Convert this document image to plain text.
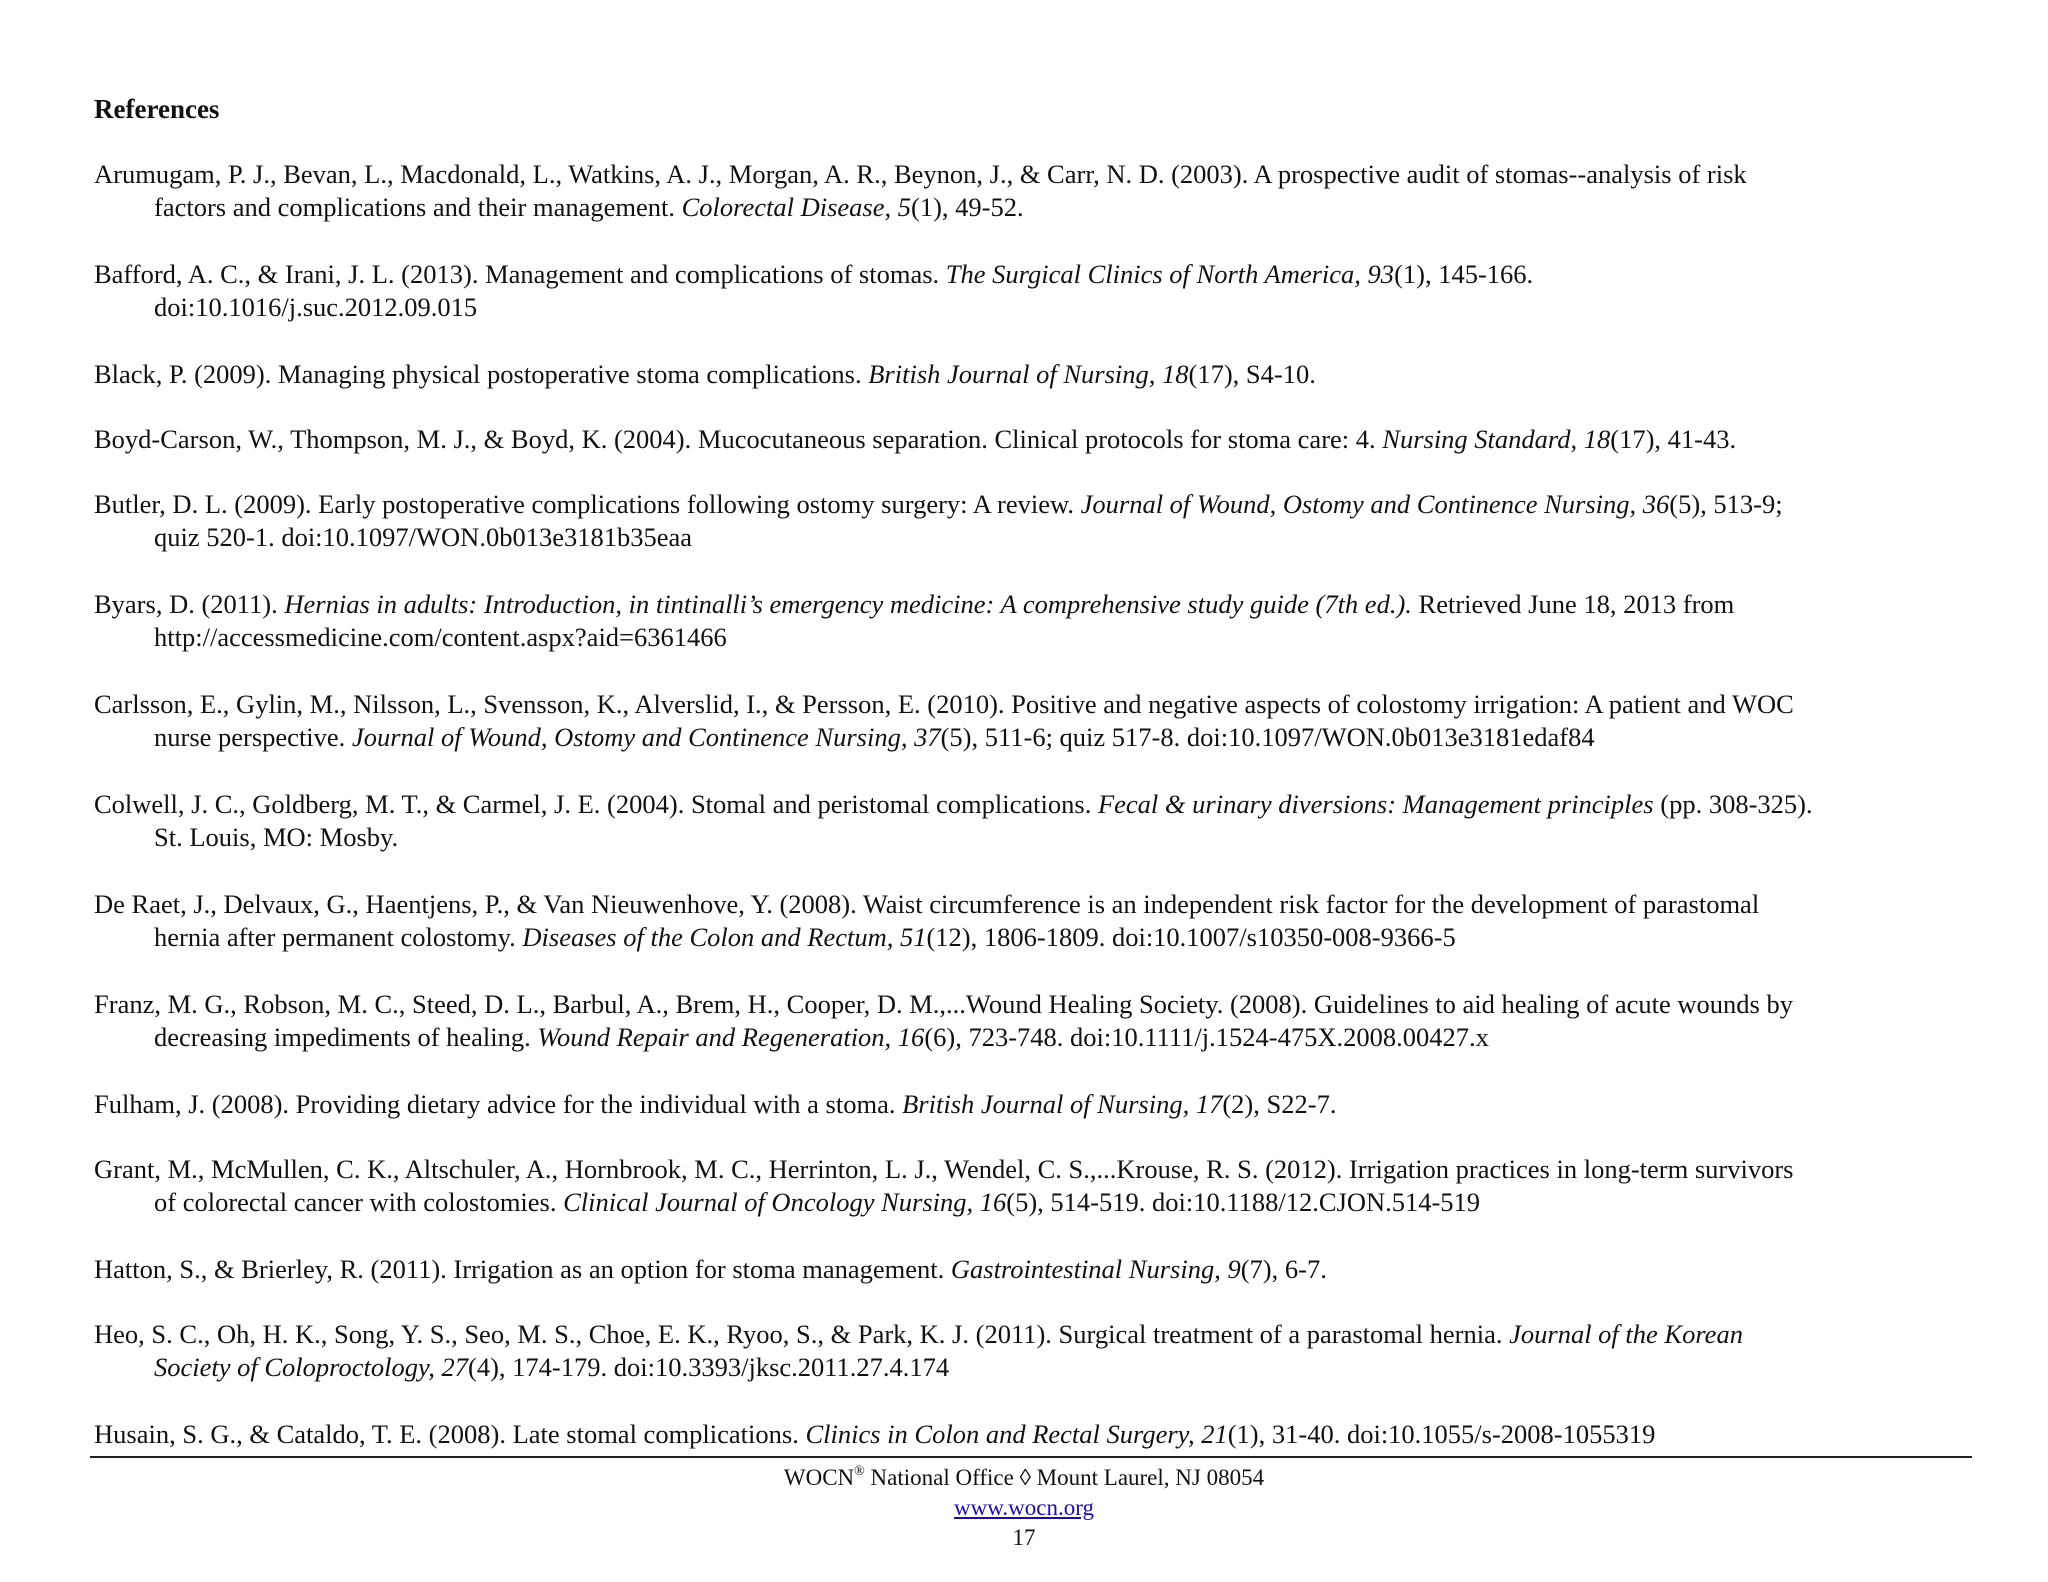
References

Arumugam, P. J., Bevan, L., Macdonald, L., Watkins, A. J., Morgan, A. R., Beynon, J., & Carr, N. D. (2003). A prospective audit of stomas--analysis of risk
factors and complications and their management. Colorectal Disease, 5(1), 49-52.

Bafford, A. C., & Irani, J. L. (2013). Management and complications of stomas. The Surgical Clinics of North America, 93(1), 145-166.
doi:10.1016/j.suc.2012.09.015

Black, P. (2009). Managing physical postoperative stoma complications. British Journal of Nursing, 18(17), S4-10.

Boyd-Carson, W., Thompson, M. J., & Boyd, K. (2004). Mucocutaneous separation. Clinical protocols for stoma care: 4. Nursing Standard, 18(17), 41-43.

Butler, D. L. (2009). Early postoperative complications following ostomy surgery: A review. Journal of Wound, Ostomy and Continence Nursing, 36(5), 513-9;
quiz 520-1. doi:10.1097/WON.0b013e3181b35eaa

Byars, D. (2011). Hernias in adults: Introduction, in tintinalli’s emergency medicine: A comprehensive study guide (7th ed.). Retrieved June 18, 2013 from
http://accessmedicine.com/content.aspx?aid=6361466

Carlsson, E., Gylin, M., Nilsson, L., Svensson, K., Alverslid, I., & Persson, E. (2010). Positive and negative aspects of colostomy irrigation: A patient and WOC
nurse perspective. Journal of Wound, Ostomy and Continence Nursing, 37(5), 511-6; quiz 517-8. doi:10.1097/WON.0b013e3181edaf84

Colwell, J. C., Goldberg, M. T., & Carmel, J. E. (2004). Stomal and peristomal complications. Fecal & urinary diversions: Management principles (pp. 308-325).
St. Louis, MO: Mosby.

De Raet, J., Delvaux, G., Haentjens, P., & Van Nieuwenhove, Y. (2008). Waist circumference is an independent risk factor for the development of parastomal
hernia after permanent colostomy. Diseases of the Colon and Rectum, 51(12), 1806-1809. doi:10.1007/s10350-008-9366-5

Franz, M. G., Robson, M. C., Steed, D. L., Barbul, A., Brem, H., Cooper, D. M.,...Wound Healing Society. (2008). Guidelines to aid healing of acute wounds by
decreasing impediments of healing. Wound Repair and Regeneration, 16(6), 723-748. doi:10.1111/j.1524-475X.2008.00427.x

Fulham, J. (2008). Providing dietary advice for the individual with a stoma. British Journal of Nursing, 17(2), S22-7.

Grant, M., McMullen, C. K., Altschuler, A., Hornbrook, M. C., Herrinton, L. J., Wendel, C. S.,...Krouse, R. S. (2012). Irrigation practices in long-term survivors
of colorectal cancer with colostomies. Clinical Journal of Oncology Nursing, 16(5), 514-519. doi:10.1188/12.CJON.514-519

Hatton, S., & Brierley, R. (2011). Irrigation as an option for stoma management. Gastrointestinal Nursing, 9(7), 6-7.

Heo, S. C., Oh, H. K., Song, Y. S., Seo, M. S., Choe, E. K., Ryoo, S., & Park, K. J. (2011). Surgical treatment of a parastomal hernia. Journal of the Korean
Society of Coloproctology, 27(4), 174-179. doi:10.3393/jksc.2011.27.4.174

Husain, S. G., & Cataldo, T. E. (2008). Late stomal complications. Clinics in Colon and Rectal Surgery, 21(1), 31-40. doi:10.1055/s-2008-1055319

WOCN® National Office ◊ Mount Laurel, NJ 08054
www.wocn.org
17
